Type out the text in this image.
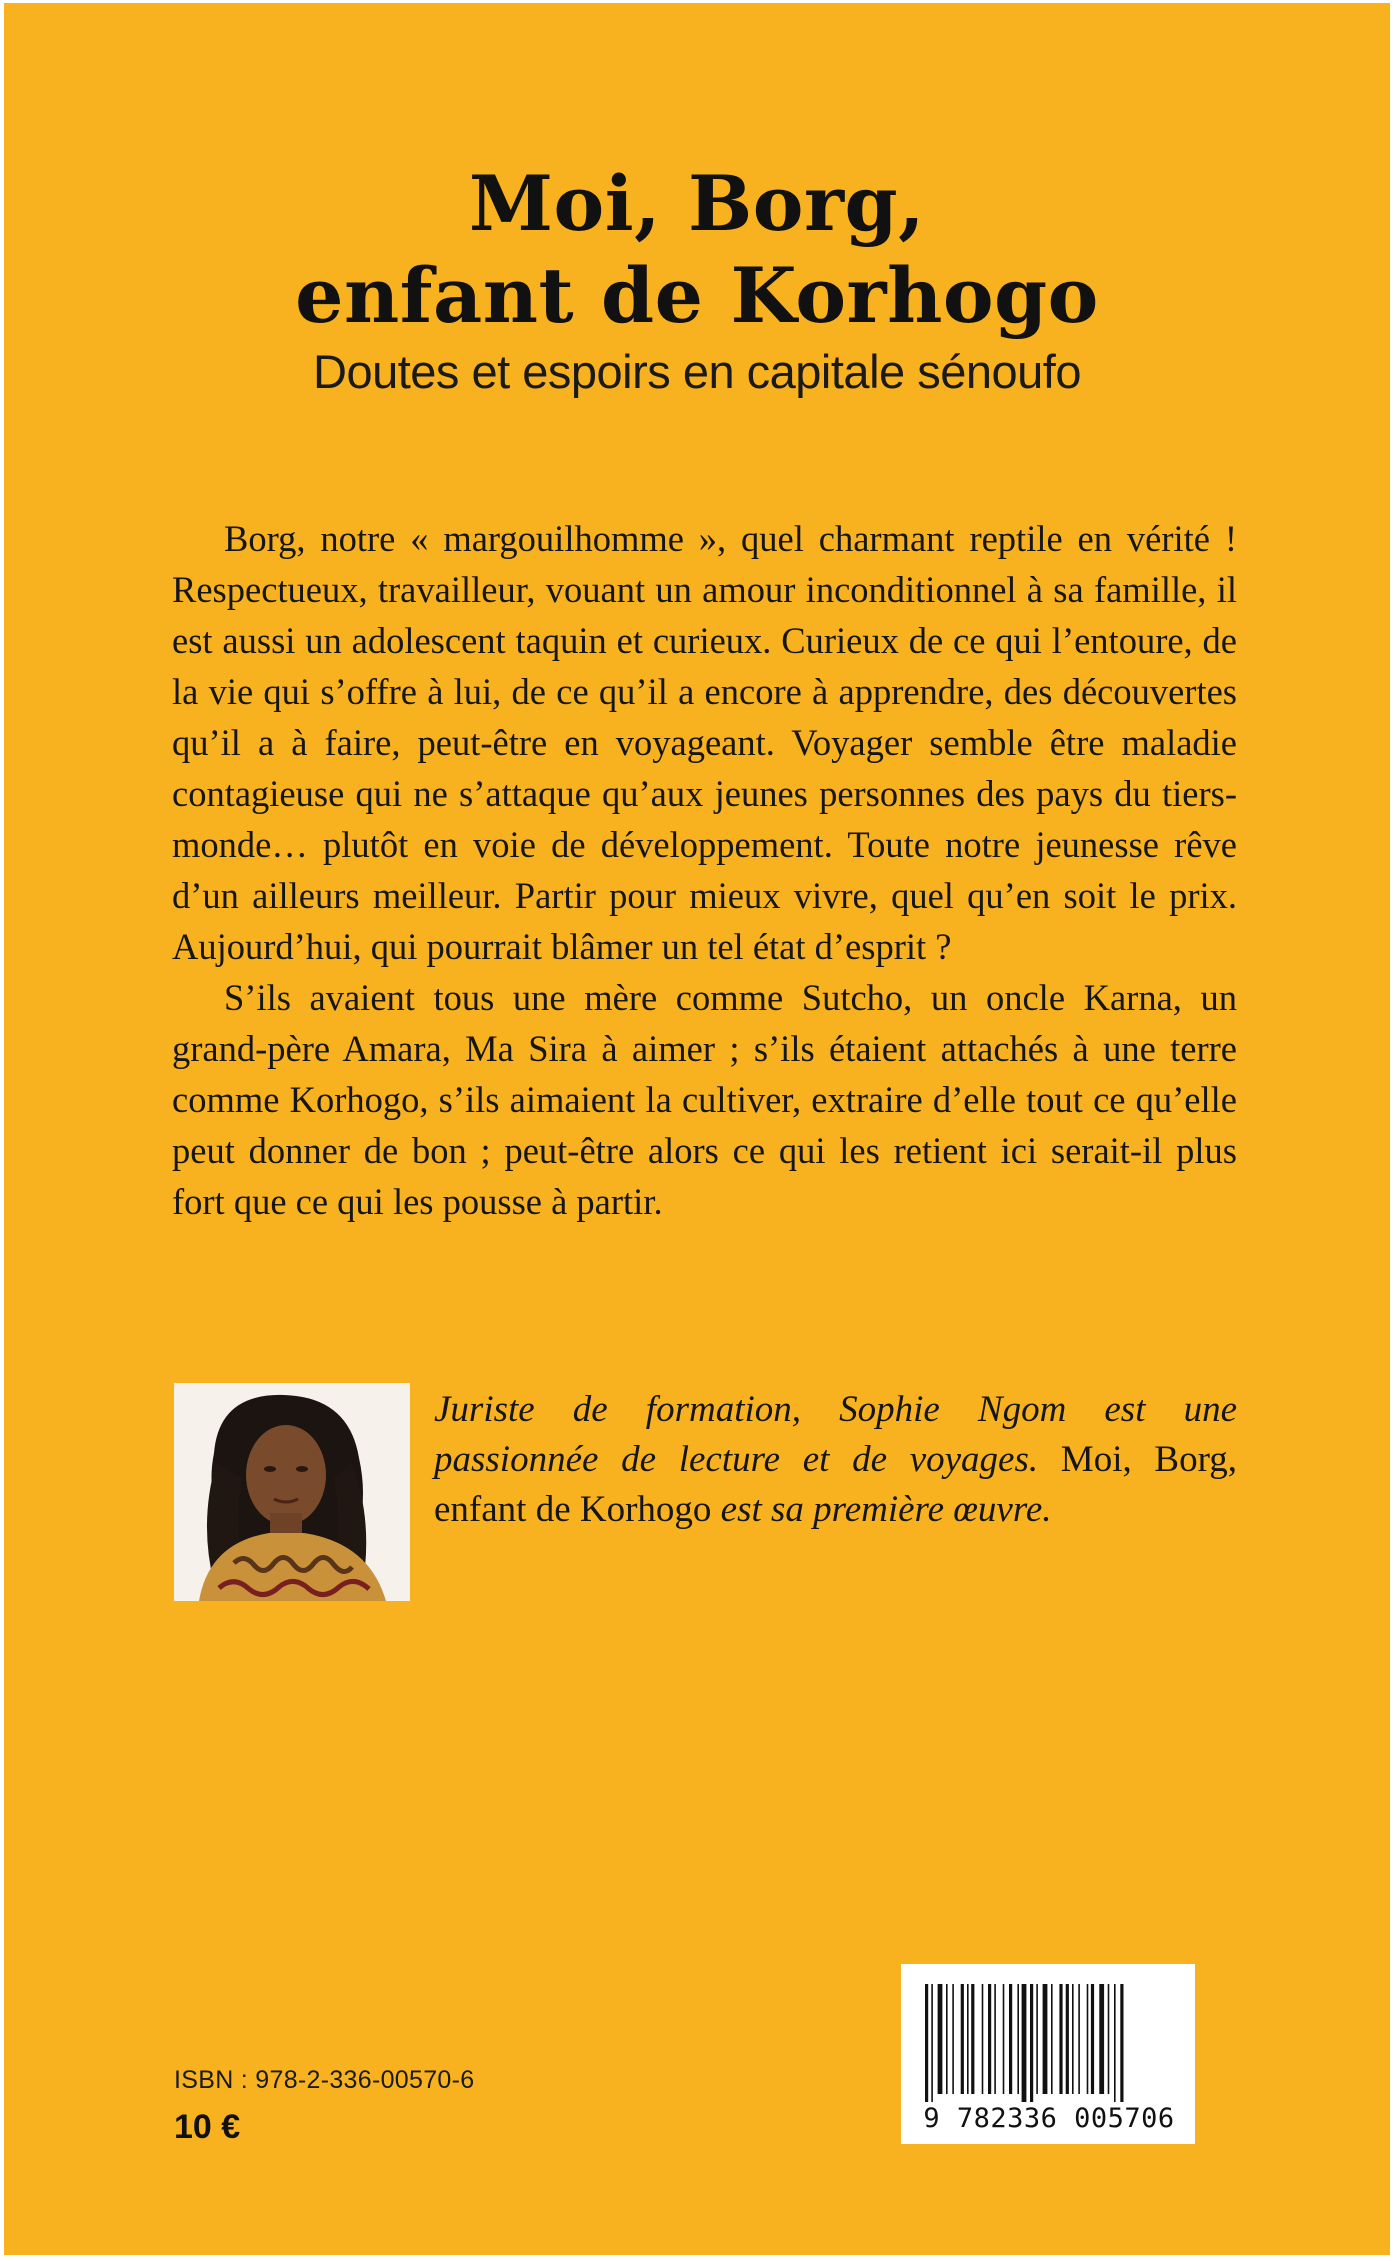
Moi, Borg,
enfant de Korhogo
Doutes et espoirs en capitale sénoufo

Borg, notre « margouilhomme », quel charmant reptile en vérité ! Respectueux, travailleur, vouant un amour inconditionnel à sa famille, il est aussi un adolescent taquin et curieux. Curieux de ce qui l’entoure, de la vie qui s’offre à lui, de ce qu’il a encore à apprendre, des découvertes qu’il a à faire, peut-être en voyageant. Voyager semble être maladie contagieuse qui ne s’attaque qu’aux jeunes personnes des pays du tiers-monde… plutôt en voie de développement. Toute notre jeunesse rêve d’un ailleurs meilleur. Partir pour mieux vivre, quel qu’en soit le prix. Aujourd’hui, qui pourrait blâmer un tel état d’esprit ?

S’ils avaient tous une mère comme Sutcho, un oncle Karna, un grand-père Amara, Ma Sira à aimer ; s’ils étaient attachés à une terre comme Korhogo, s’ils aimaient la cultiver, extraire d’elle tout ce qu’elle peut donner de bon ; peut-être alors ce qui les retient ici serait-il plus fort que ce qui les pousse à partir.

Juriste de formation, Sophie Ngom est une passionnée de lecture et de voyages. Moi, Borg, enfant de Korhogo est sa première œuvre.
ISBN : 978-2-336-00570-6
10 €	9 782336 005706
